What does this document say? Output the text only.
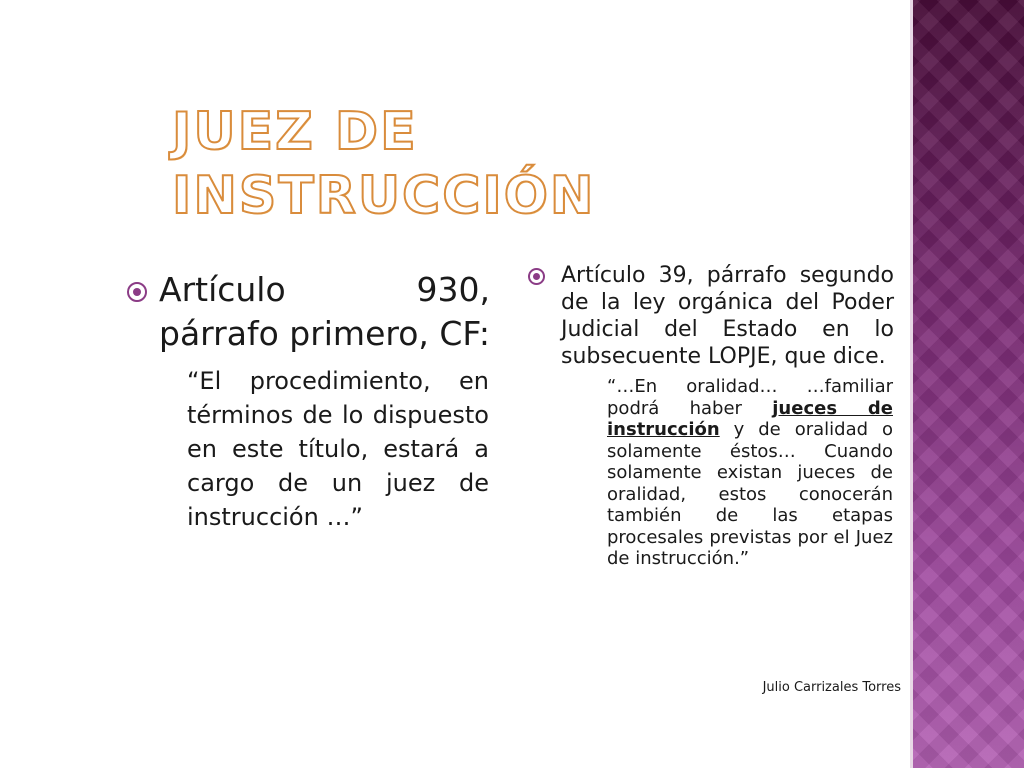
JUEZ DE INSTRUCCIÓN
Artículo 930, párrafo primero, CF:
“El procedimiento, en términos de lo dispuesto en este título, estará a cargo de un juez de instrucción …”
Artículo 39, párrafo segundo de la ley orgánica del Poder Judicial del Estado en lo subsecuente LOPJE, que dice.
“…En oralidad… …familiar podrá haber jueces de instrucción y de oralidad o solamente éstos… Cuando solamente existan jueces de oralidad, estos conocerán también de las etapas procesales previstas por el Juez de instrucción.”
Julio Carrizales Torres
